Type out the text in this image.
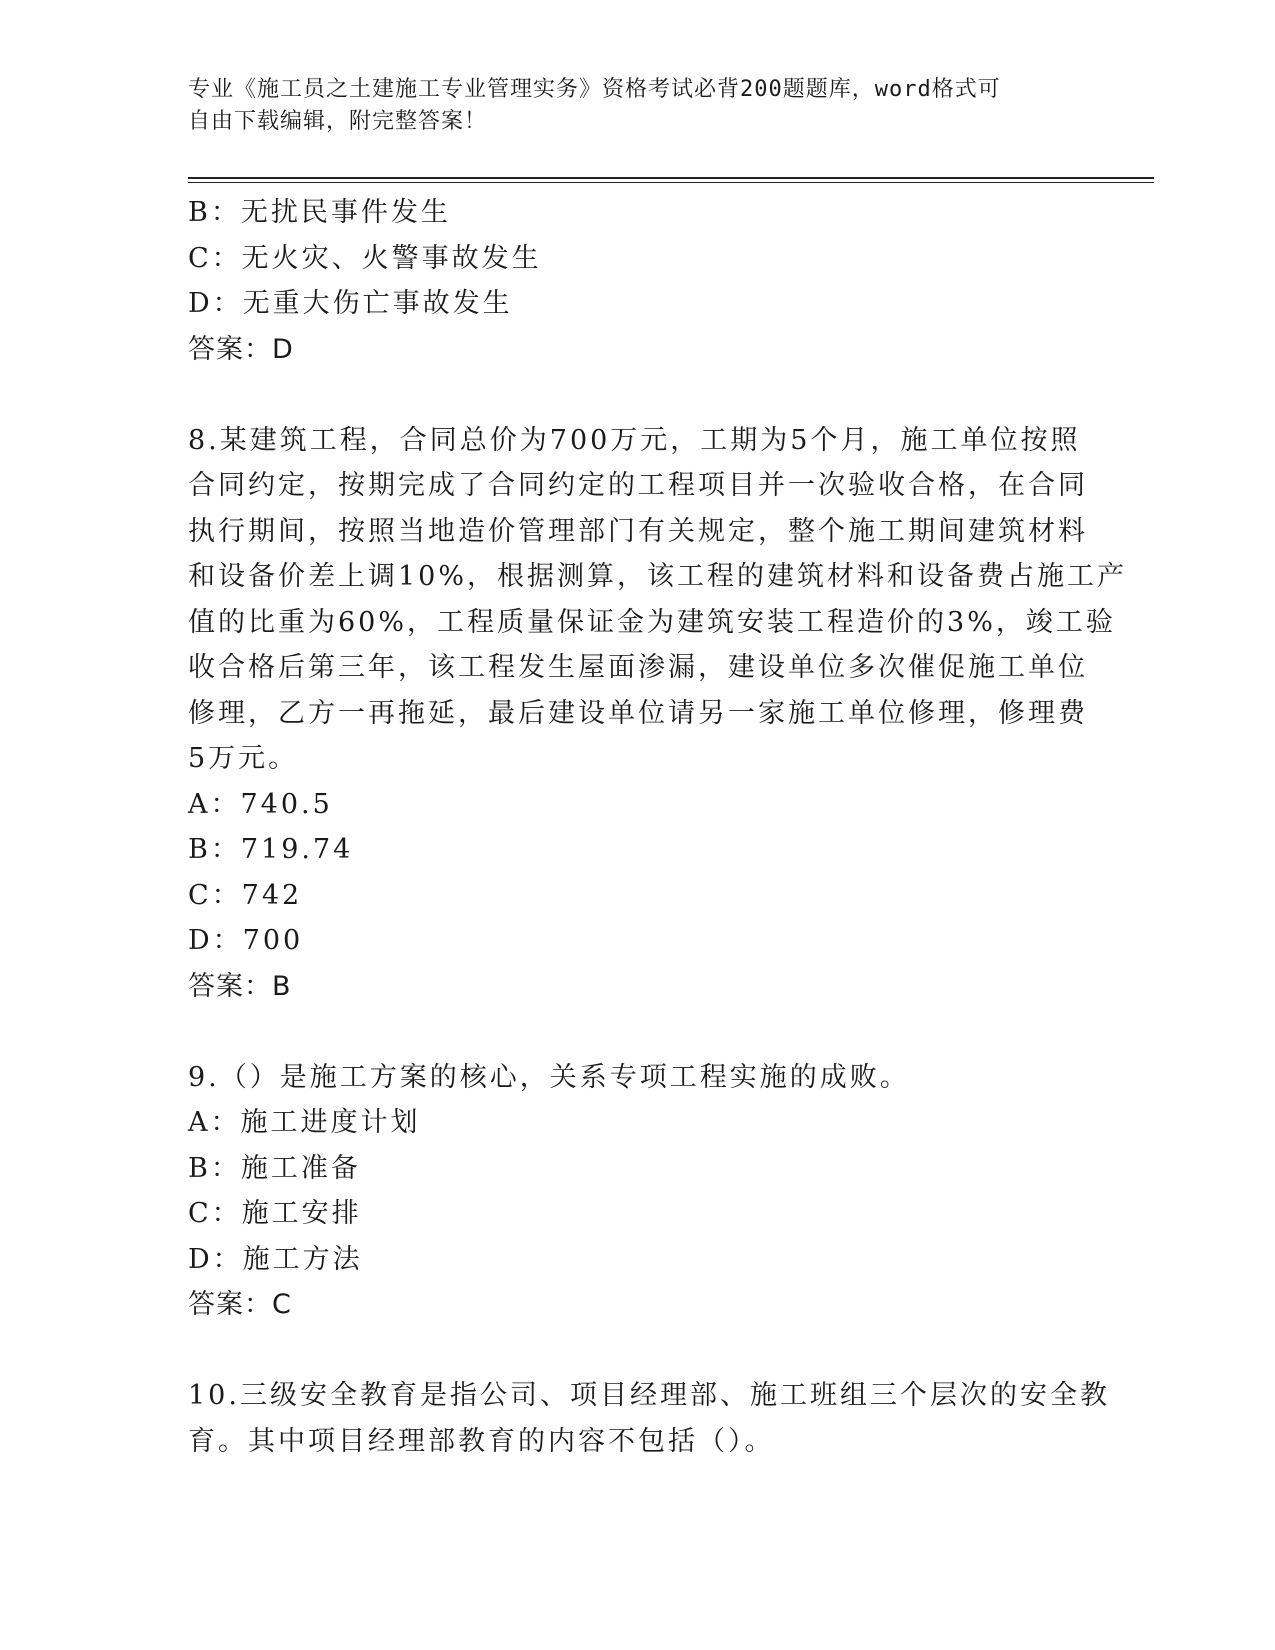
专业《施工员之土建施工专业管理实务》资格考试必背200题题库，word格式可
自由下载编辑，附完整答案！
B：无扰民事件发生
C：无火灾、火警事故发生
D：无重大伤亡事故发生
答案：D
8.某建筑工程，合同总价为700万元，工期为5个月，施工单位按照
合同约定，按期完成了合同约定的工程项目并一次验收合格，在合同
执行期间，按照当地造价管理部门有关规定，整个施工期间建筑材料
和设备价差上调10%，根据测算，该工程的建筑材料和设备费占施工产
值的比重为60%，工程质量保证金为建筑安装工程造价的3%，竣工验
收合格后第三年，该工程发生屋面渗漏，建设单位多次催促施工单位
修理，乙方一再拖延，最后建设单位请另一家施工单位修理，修理费
5万元。
A：740.5
B：719.74
C：742
D：700
答案：B
9.（）是施工方案的核心，关系专项工程实施的成败。
A：施工进度计划
B：施工准备
C：施工安排
D：施工方法
答案：C
10.三级安全教育是指公司、项目经理部、施工班组三个层次的安全教
育。其中项目经理部教育的内容不包括（）。
